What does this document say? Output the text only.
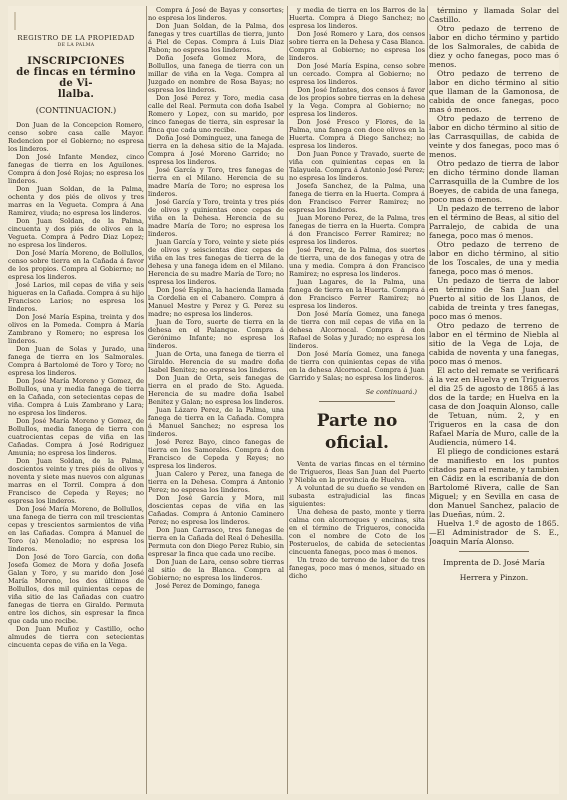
REGISTRO DE LA PROPIEDAD
DE LA PALMA
INSCRIPCIONES
de fincas en término de Vi-
llalba.
(CONTINUACION.)

Don Juan de la Concepcion Romero, censo sobre casa calle Mayor. Redencion por el Gobierno; no espresa los linderos.

Don José Infante Mendez, cinco fanegas de tierra en los Aguilones. Compra á don José Rojas; no espresa los linderos.

Don Juan Soldan, de la Palma, ochenta y dos piés de olivos y tres marras en la Vegueta. Compra á Ana Ramirez, viuda; no espresa los linderos.

Don Juan Soldan, de la Palma, cincuenta y dos piés de olivos en la Vegueta. Compra á Pedro Diaz Lopez; no espresa los linderos.

Don José María Moreno, de Bollullos, censo sobre tierra en la Cañada á favor de los propios. Compra al Gobierno; no espresa los linderos.

José Larios, mil cepas de viña y seis higueras en la Cañada. Compra á su hijo Francisco Larios; no espresa los linderos.

Don José María Espina, treinta y dos olivos en la Pomeda. Compra á María Zambrano y Romero; no espresa los linderos.

Don Juan de Solas y Jurado, una fanega de tierra en los Salmorales. Compra á Bartolomé de Toro y Toro; no espresa los linderos.

Don José María Moreno y Gomez, de Bollullos, una y media fanega de tierra en la Cañada, con setecientas cepas de viña. Compra á Luis Zambrano y Lara; no espresa los linderos.

Don José María Moreno y Gomez, de Bollullos, media fanega de tierra con cuatrocientas cepas de viña en las Cañadas. Compra á José Rodriguez Amunia; no espresa los linderos.

Don Juan Soldan, de la Palma, doscientos veinte y tres piés de olivos y noventa y siete mas nuevos con algunas marras en el Torril. Compra á don Francisco de Cepeda y Reyes; no espresa los linderos.

Don José María Moreno, de Bollullos, una fanega de tierra con mil trescientas cepas y trescientos sarmientos de viña en las Cañadas. Compra á Manuel de Toro (a) Menoladio; no espresa los linderos.

Don José de Toro García, con doña Josefa Gomez de Mora y doña Josefa Galan y Toro, y su marido don José María Moreno, los dos últimos de Bollullos, dos mil quinientas cepas de viña sitio de las Cañadas con cuatro fanegas de tierra en Giraldo. Permuta entre los dichos, sin espresar la finca que cada uno recibe.

Don Juan Muñoz y Castillo, ocho almudes de tierra con setecientas cincuenta cepas de viña en la Vega.

Compra á José de Bayas y consortes; no espresa los linderos.

Don Juan Soldan, de la Palma, dos fanegas y tres cuartillas de tierra, junto á Piel de Cepas. Compra á Luis Diaz Pabon; no espresa los linderos.

Doña Josefa Gomez Mora, de Bollullos, una fanega de tierra con un millar de viña en la Vega. Compra al Juzgado en nombre de Rosa Bayas; no espresa los linderos.

Don José Perez y Toro, media casa calle del Real. Permuta con doña Isabel Romero y Lopez, con su marido, por cinco fanegas de tierra, sin espresar la finca que cada uno recibe.

Doña José Dominguez, una fanega de tierra en la dehesa sitio de la Majada. Compra á José Moreno Garrido; no espresa los linderos.

José García y Toro, tres fanegas de tierra en el Milano. Herencia de su madre María de Toro; no espresa los linderos.

José García y Toro, treinta y tres piés de olivos y quinientas once cepas de viña en la Dehesa. Herencia de su madre María de Toro; no espresa los linderos.

Juan García y Toro, veinte y siete piés de olivos y seiscientas diez cepas de viña en las tres fanegas de tierra de la dehesa y una fanega idem en el Milano. Herencia de su madre María de Toro; no espresa los linderos.

Don José Espina, la hacienda llamada la Cordelia en el Cabanero. Compra á Manuel Mestre y Perez y G. Perez su madre; no espresa los linderos.

Juan de Toro, suerte de tierra en la dehesa en el Palanque. Compra á Gerónimo Infante; no espresa los linderos.

Juan de Orta, una fanega de tierra el Giraldo. Herencia de su madre doña Isabel Benitez; no espresa los linderos.

Don Juan de Orta, seis fanegas de tierra en el prado de Sto. Agueda. Herencia de su madre doña Isabel Benitez y Galan; no espresa los linderos.

Juan Lázaro Perez, de la Palma, una fanega de tierra en la Cañada. Compra á Manuel Sanchez; no espresa los linderos.

José Perez Bayo, cinco fanegas de tierra en los Samorales. Compra á don Francisco de Cepeda y Reyes; no espresa los linderos.

Juan Calero y Perez, una fanega de tierra en la Dehesa. Compra á Antonio Perez; no espresa los linderos.

Don José García y Mora, mil doscientas cepas de viña en las Cañadas. Compra á Antonio Caminero Perez; no espresa los linderos.

Don Juan Carrasco, tres fanegas de tierra en la Cañada del Real ó Dehesilla. Permuta con don Diego Perez Rubio, sin espresar la finca que cada uno recibe.

Don Juan de Lara, censo sobre tierras al sitio de la Blanca. Compra al Gobierno; no espresa los linderos.

José Perez de Domingo, fanega

y media de tierra en los Barros de la Huerta. Compra á Diego Sanchez; no espresa los linderos.

Don José Romero y Lara, dos censos sobre tierra en la Dehesa y Casa Blanca. Compra al Gobierno; no espresa los linderos.

Don José María Espina, censo sobre un cercado. Compra al Gobierno; no espresa los linderos.

Don José Infantes, dos censos á favor de los propios sobre tierras en la dehesa y la Vega. Compra al Gobierno; no espresa los linderos.

Don José Fresco y Flores, de la Palma, una fanega con doce olivos en la Huerta. Compra á Diego Sanchez; no espresa los linderos.

Don Juan Ponce y Travado, suerte de viña con quinientas cepas en la Talayuela. Compra á Antonio José Perez; no espresa los linderos.

Josefa Sanchez, de la Palma, una fanega de tierra en la Huerta. Compra á don Francisco Ferrer Ramirez; no espresa los linderos.

Juan Moreno Perez, de la Palma, tres fanegas de tierra en la Huerta. Compra á don Francisco Ferrer Ramirez; no espresa los linderos.

José Perez, de la Palma, dos suertes de tierra, una de dos fanegas y otra de una y media. Compra á don Francisco Ramirez; no espresa los linderos.

Juan Lagares, de la Palma, una fanega de tierra en la Huerta. Compra á don Francisco Ferrer Ramirez; no espresa los linderos.

Don José María Gomez, una fanega de tierra con mil cepas de viña en la dehesa Alcornocal. Compra á don Rafael de Solas y Jurado; no espresa los linderos.

Don José María Gomez, una fanega de tierra con quinientas cepas de viña en la dehesa Alcornocal. Compra á Juan Garrido y Salas; no espresa los linderos.

Se continuará.)
Parte no oficial.

Venta de varias fincas en el término de Trigueros, Ileas San Juan del Puerto y Niebla en la provincia de Huelva.

A voluntad de su dueño se venden en subasta estrajudicial las fincas siguientes:

Una dehesa de pasto, monte y tierra calma con alcornoques y encinas, sita en el término de Trigueros, conocida con el nombre de Coto de los Posteruelos, de cabida de setecientas cincuenta fanegas, poco mas ó menos.

Un trozo de terreno de labor de tres fanegas, poco mas ó menos, situado en dicho

término y llamada Solar del Castillo.

Otro pedazo de terreno de labor en dicho término y partido de los Salmorales, de cabida de diez y ocho fanegas, poco mas ó menos.

Otro pedazo de terreno de labor en dicho término al sitio que llaman de la Gamonosa, de cabida de once fanegas, poco mas ó menos.

Otro pedazo de terreno de labor en dicho término al sitio de las Carrasquillas, de cabida de veinte y dos fanegas, poco mas ó menos.

Otro pedazo de tierra de labor en dicho término donde llaman Carrasquilla de la Cumbre de los Boeyes, de cabida de una fanega, poco mas ó menos.

Un pedazo de terreno de labor en el término de Beas, al sitio del Parralejo, de cabida de una fanega, poco mas ó menos.

Otro pedazo de terreno de labor en dicho término, al sitio de los Toscales, de una y media fanega, poco mas ó menos.

Un pedazo de tierra de labor en término de San Juan del Puerto al sitio de los Llanos, de cabida de treinta y tres fanegas, poco mas ó menos.

Otro pedazo de terreno de labor en el término de Niebla al sitio de la Vega de Loja, de cabida de noventa y una fanegas, poco mas ó menos.

El acto del remate se verificará á la vez en Huelva y en Trigueros el dia 25 de agosto de 1865 á las dos de la tarde; en Huelva en la casa de don Joaquin Alonso, calle de Tetuan, núm. 2, y en Trigueros en la casa de don Rafael María de Muro, calle de la Audiencia, número 14.

El pliego de condiciones estará de manifiesto en los puntos citados para el remate, y tambien en Cádiz en la escribanía de don Bartolomé Rivera, calle de San Miguel; y en Sevilla en casa de don Manuel Sanchez, palacio de las Dueñas, núm. 2.

Huelva 1.º de agosto de 1865.—El Administrador de S. E., Joaquin María Alonso.

Imprenta de D. José María
Herrera y Pinzon.
